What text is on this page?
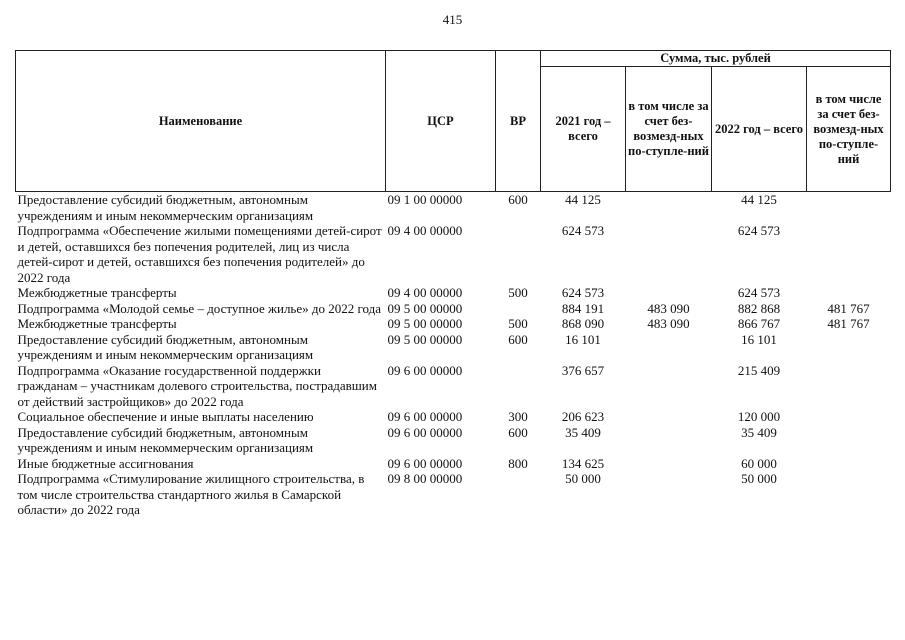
415
Наименование	ЦСР	ВР	Сумма, тыс. рублей			
			2021 год – всего	в том числе за счет без-возмезд-ных по-ступле-ний	2022 год – всего	в том числе за счет без-возмезд-ных по-ступле-ний
Предоставление субсидий бюджетным, автономным учреждениям и иным некоммерческим организациям	09 1 00 00000	600	44 125		44 125	
Подпрограмма «Обеспечение жилыми помещениями детей-сирот и детей, оставшихся без попечения родителей, лиц из числа детей-сирот и детей, оставшихся без попечения родителей» до 2022 года	09 4 00 00000		624 573		624 573	
Межбюджетные трансферты	09 4 00 00000	500	624 573		624 573	
Подпрограмма «Молодой семье – доступное жилье» до 2022 года	09 5 00 00000		884 191	483 090	882 868	481 767
Межбюджетные трансферты	09 5 00 00000	500	868 090	483 090	866 767	481 767
Предоставление субсидий бюджетным, автономным учреждениям и иным некоммерческим организациям	09 5 00 00000	600	16 101		16 101	
Подпрограмма «Оказание государственной поддержки гражданам – участникам долевого строительства, пострадавшим от действий застройщиков» до 2022 года	09 6 00 00000		376 657		215 409	
Социальное обеспечение и иные выплаты населению	09 6 00 00000	300	206 623		120 000	
Предоставление субсидий бюджетным, автономным учреждениям и иным некоммерческим организациям	09 6 00 00000	600	35 409		35 409	
Иные бюджетные ассигнования	09 6 00 00000	800	134 625		60 000	
Подпрограмма «Стимулирование жилищного строительства, в том числе строительства стандартного жилья в Самарской области» до 2022 года	09 8 00 00000		50 000		50 000	
